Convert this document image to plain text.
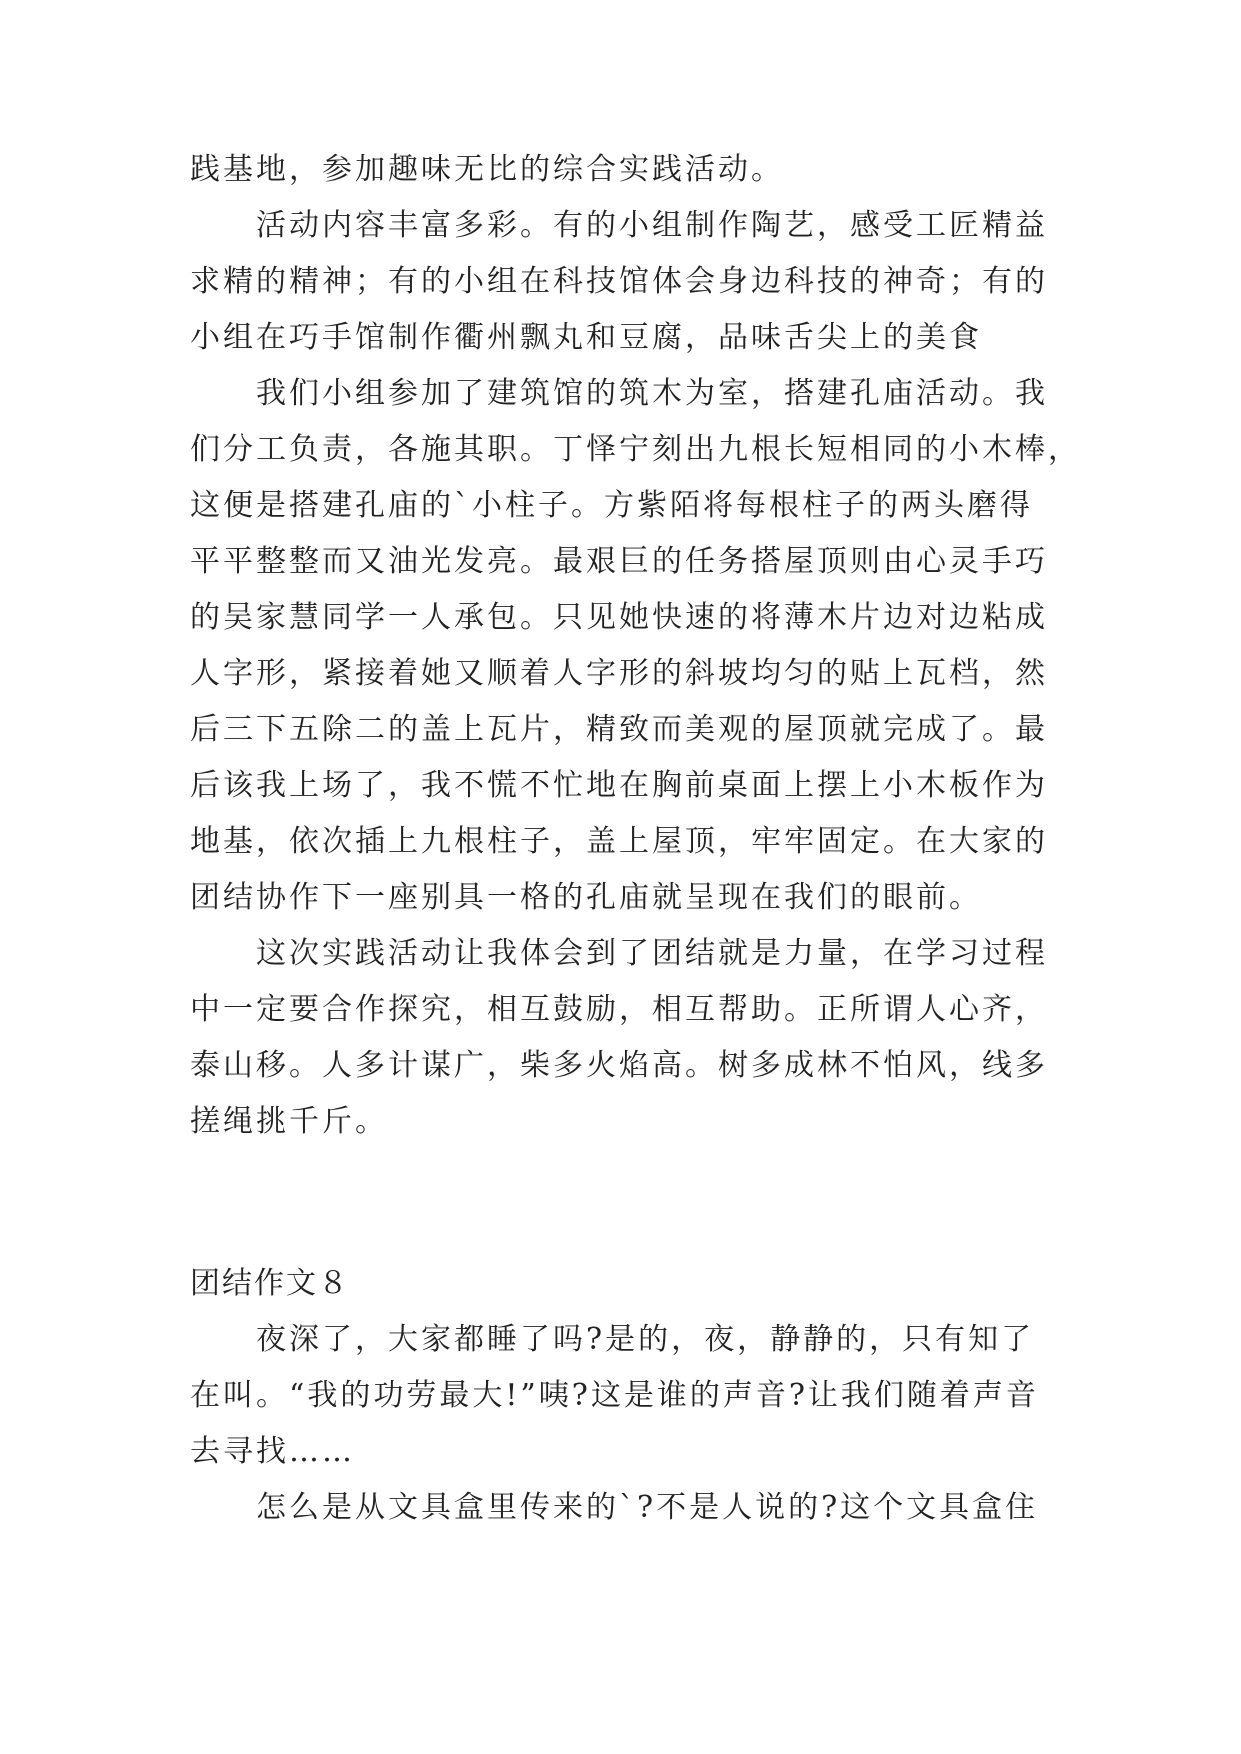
践基地，参加趣味无比的综合实践活动。

活动内容丰富多彩。有的小组制作陶艺，感受工匠精益

求精的精神；有的小组在科技馆体会身边科技的神奇；有的

小组在巧手馆制作衢州飘丸和豆腐，品味舌尖上的美食

我们小组参加了建筑馆的筑木为室，搭建孔庙活动。我

们分工负责，各施其职。丁怿宁刻出九根长短相同的小木棒，

这便是搭建孔庙的`小柱子。方紫陌将每根柱子的两头磨得

平平整整而又油光发亮。最艰巨的任务搭屋顶则由心灵手巧

的吴家慧同学一人承包。只见她快速的将薄木片边对边粘成

人字形，紧接着她又顺着人字形的斜坡均匀的贴上瓦档，然

后三下五除二的盖上瓦片，精致而美观的屋顶就完成了。最

后该我上场了，我不慌不忙地在胸前桌面上摆上小木板作为

地基，依次插上九根柱子，盖上屋顶，牢牢固定。在大家的

团结协作下一座别具一格的孔庙就呈现在我们的眼前。

这次实践活动让我体会到了团结就是力量，在学习过程

中一定要合作探究，相互鼓励，相互帮助。正所谓人心齐，

泰山移。人多计谋广，柴多火焰高。树多成林不怕风，线多

搓绳挑千斤。

团结作文８

夜深了，大家都睡了吗?是的，夜，静静的，只有知了

在叫。“我的功劳最大!”咦?这是谁的声音?让我们随着声音

去寻找……

怎么是从文具盒里传来的`?不是人说的?这个文具盒住
